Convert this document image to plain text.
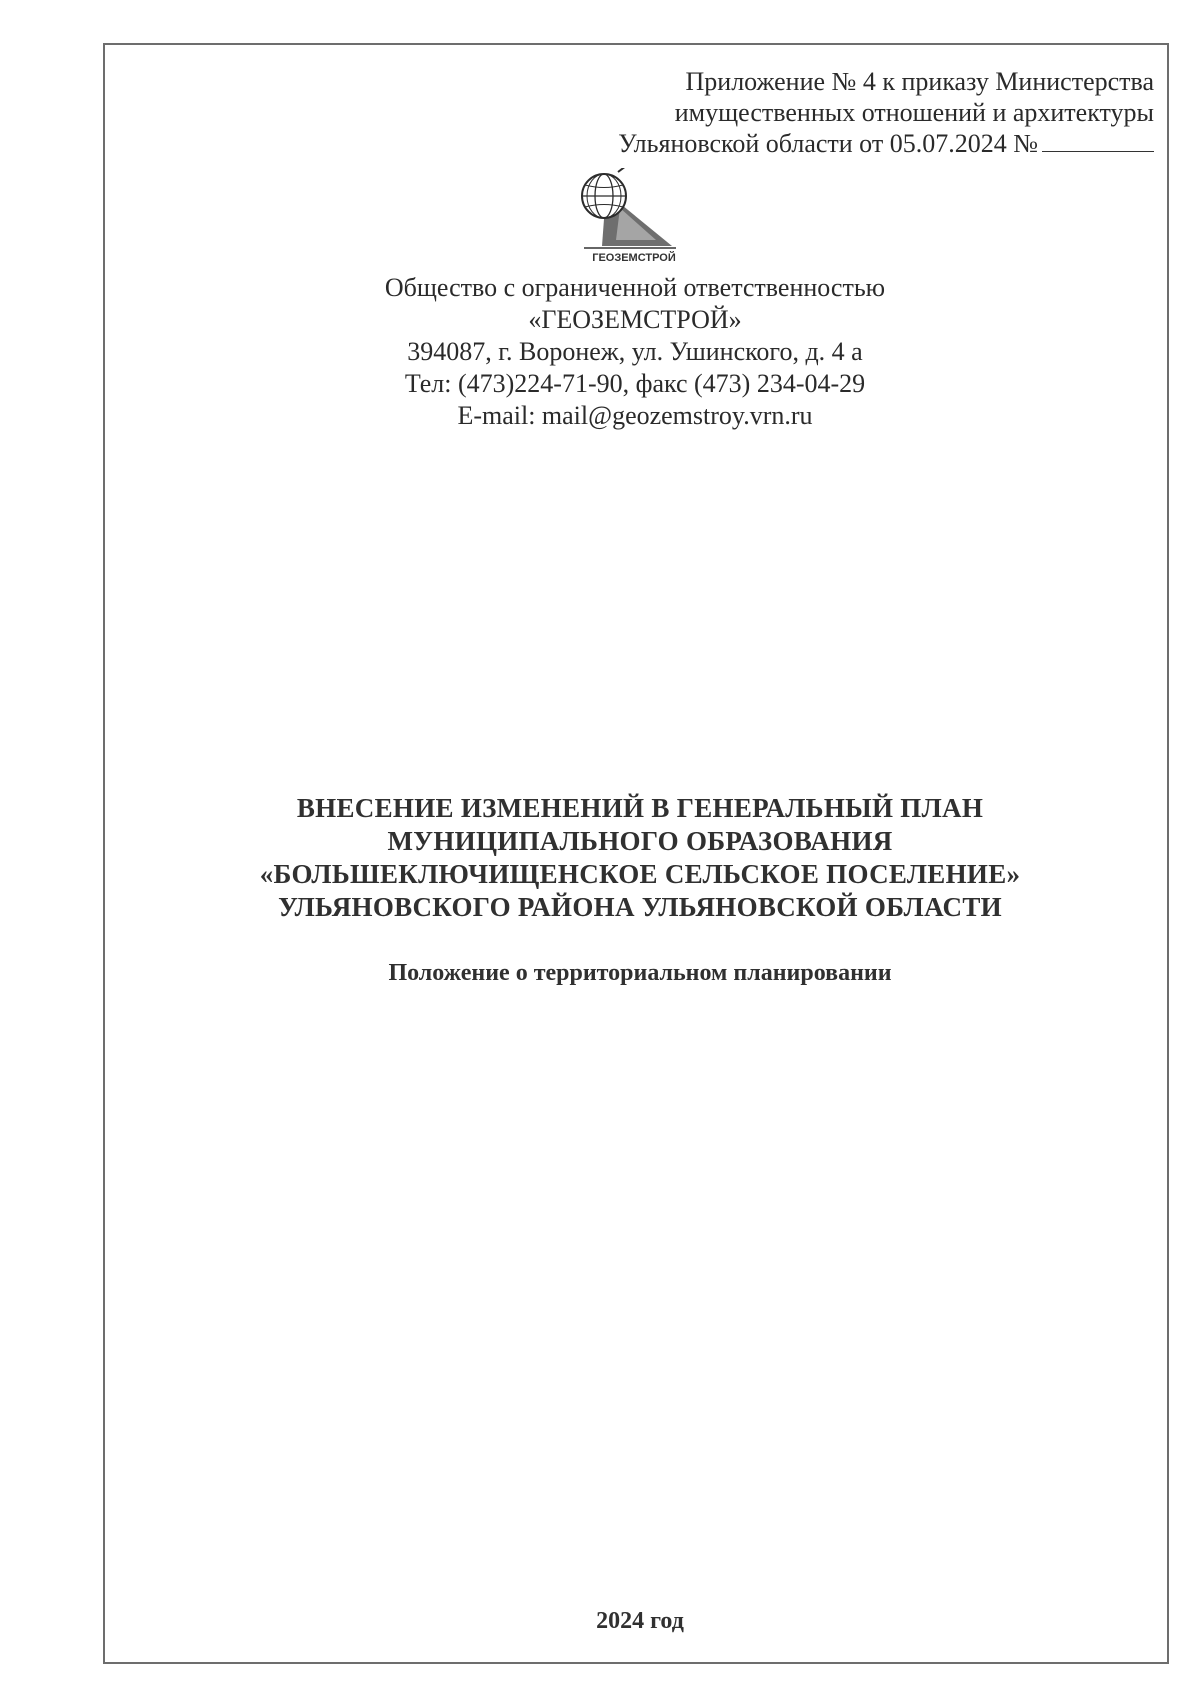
Приложение № 4 к приказу Министерства
имущественных отношений и архитектуры
Ульяновской области от 05.07.2024 №
ГЕОЗЕМСТРОЙ
Общество с ограниченной ответственностью
«ГЕОЗЕМСТРОЙ»
394087, г. Воронеж, ул. Ушинского, д. 4 а
Тел: (473)224-71-90, факс (473) 234-04-29
E-mail: mail@geozemstroy.vrn.ru
ВНЕСЕНИЕ ИЗМЕНЕНИЙ В ГЕНЕРАЛЬНЫЙ ПЛАН
МУНИЦИПАЛЬНОГО ОБРАЗОВАНИЯ
«БОЛЬШЕКЛЮЧИЩЕНСКОЕ СЕЛЬСКОЕ ПОСЕЛЕНИЕ»
УЛЬЯНОВСКОГО РАЙОНА УЛЬЯНОВСКОЙ ОБЛАСТИ
Положение о территориальном планировании
2024 год
